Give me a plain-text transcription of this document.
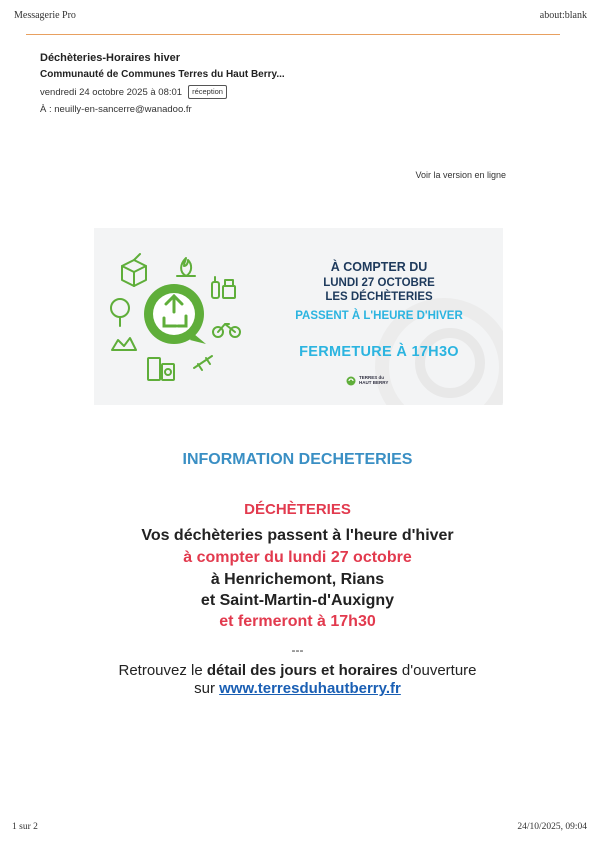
Messagerie Pro	about:blank
Déchèteries-Horaires hiver
Communauté de Communes Terres du Haut Berry...
vendredi 24 octobre 2025 à 08:01	réception
À : neuilly-en-sancerre@wanadoo.fr
Voir la version en ligne
À COMPTER DU
LUNDI 27 OCTOBRE
LES DÉCHÈTERIES
PASSENT À L'HEURE D'HIVER
FERMETURE À 17H3O
TERRES du
HAUT BERRY
INFORMATION DECHETERIES
DÉCHÈTERIES
Vos déchèteries passent à l'heure d'hiver
à compter du lundi 27 octobre
à Henrichemont, Rians
et Saint-Martin-d'Auxigny
et fermeront à 17h30
---
Retrouvez le détail des jours et horaires d'ouverture
sur www.terresduhautberry.fr
1 sur 2	24/10/2025, 09:04
